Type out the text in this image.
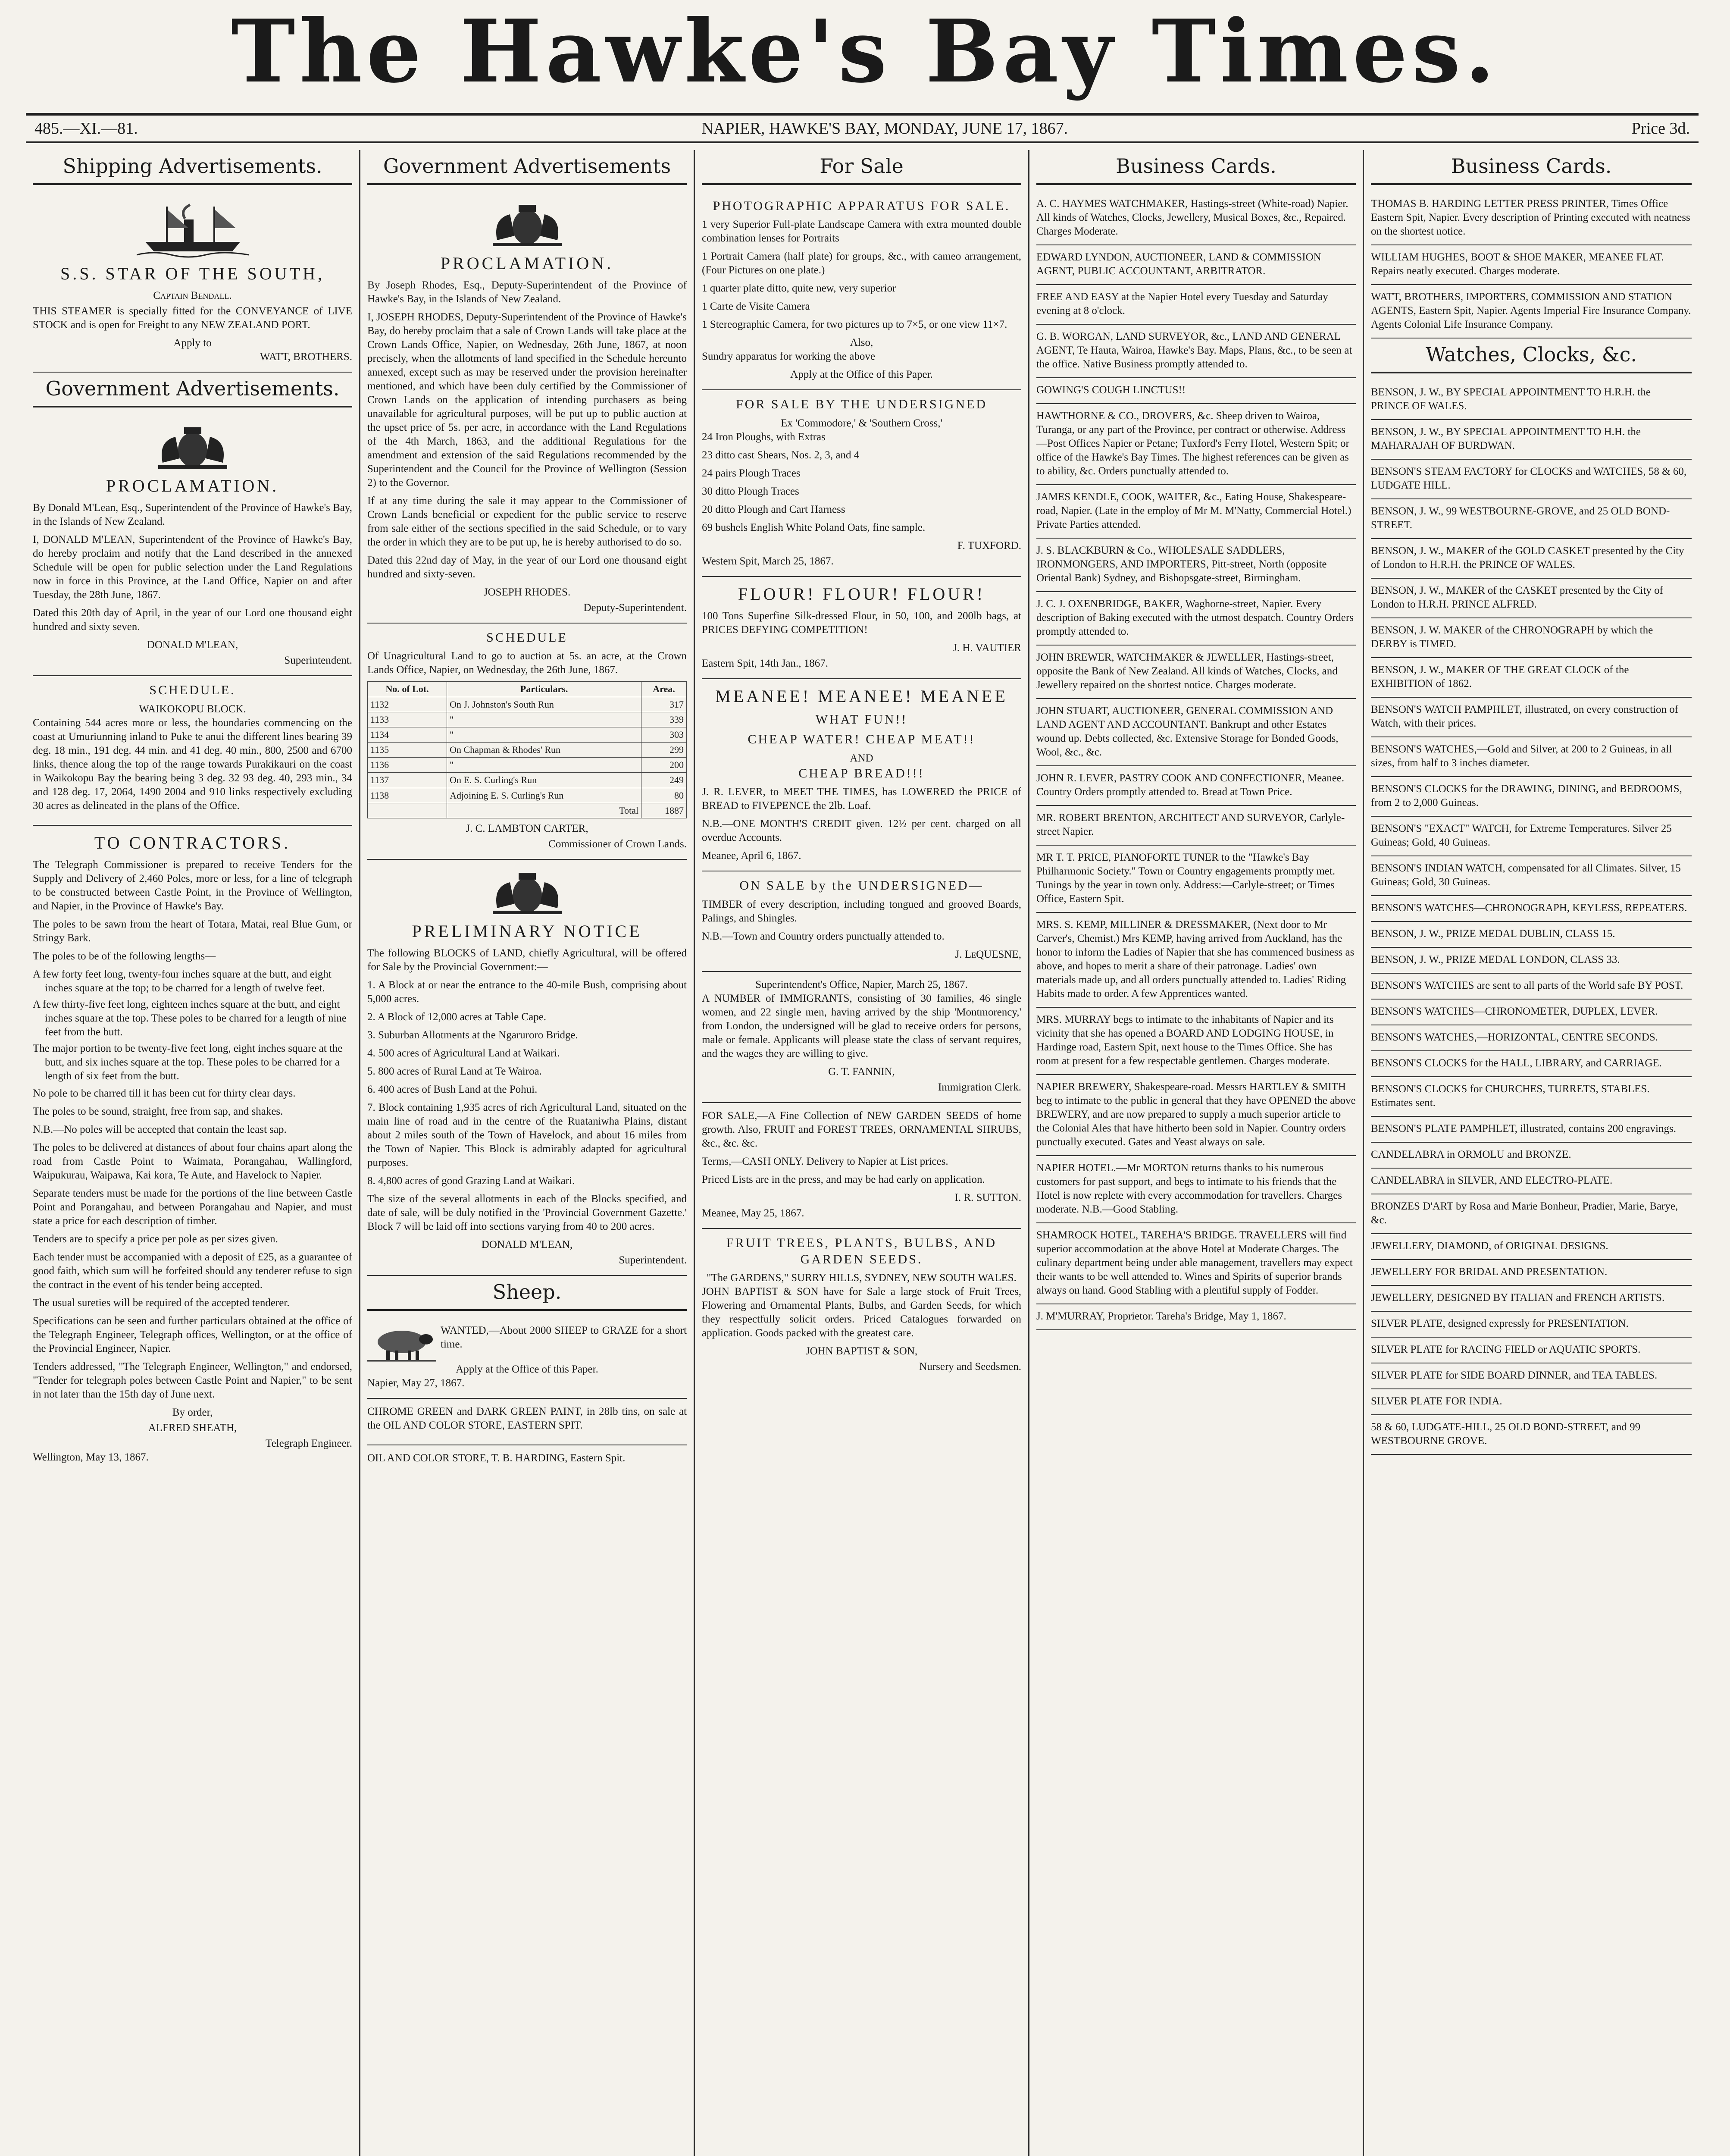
The Hawke's Bay Times.
485.—XI.—81.	NAPIER, HAWKE'S BAY, MONDAY, JUNE 17, 1867.	Price 3d.
Shipping Advertisements.
S.S. STAR OF THE SOUTH,
Captain Bendall.

THIS STEAMER is specially fitted for the CONVEYANCE of LIVE STOCK and is open for Freight to any NEW ZEALAND PORT.

Apply to
WATT, BROTHERS.
Government Advertisements.
PROCLAMATION.

By Donald M'Lean, Esq., Superintendent of the Province of Hawke's Bay, in the Islands of New Zealand.

I, DONALD M'LEAN, Superintendent of the Province of Hawke's Bay, do hereby proclaim and notify that the Land described in the annexed Schedule will be open for public selection under the Land Regulations now in force in this Province, at the Land Office, Napier on and after Tuesday, the 28th June, 1867.

Dated this 20th day of April, in the year of our Lord one thousand eight hundred and sixty seven.

DONALD M'LEAN,
Superintendent.
SCHEDULE.
WAIKOKOPU BLOCK.

Containing 544 acres more or less, the boundaries commencing on the coast at Umuriunning inland to Puke te anui the different lines bearing 39 deg. 18 min., 191 deg. 44 min. and 41 deg. 40 min., 800, 2500 and 6700 links, thence along the top of the range towards Purakikauri on the coast in Waikokopu Bay the bearing being 3 deg. 32 93 deg. 40, 293 min., 34 and 128 deg. 17, 2064, 1490 2004 and 910 links respectively excluding 30 acres as delineated in the plans of the Office.

TO CONTRACTORS.

The Telegraph Commissioner is prepared to receive Tenders for the Supply and Delivery of 2,460 Poles, more or less, for a line of telegraph to be constructed between Castle Point, in the Province of Wellington, and Napier, in the Province of Hawke's Bay.

The poles to be sawn from the heart of Totara, Matai, real Blue Gum, or Stringy Bark.

The poles to be of the following lengths—

A few forty feet long, twenty-four inches square at the butt, and eight inches square at the top; to be charred for a length of twelve feet.
A few thirty-five feet long, eighteen inches square at the butt, and eight inches square at the top. These poles to be charred for a length of nine feet from the butt.
The major portion to be twenty-five feet long, eight inches square at the butt, and six inches square at the top. These poles to be charred for a length of six feet from the butt.

No pole to be charred till it has been cut for thirty clear days.

The poles to be sound, straight, free from sap, and shakes.

N.B.—No poles will be accepted that contain the least sap.

The poles to be delivered at distances of about four chains apart along the road from Castle Point to Waimata, Porangahau, Wallingford, Waipukurau, Waipawa, Kai kora, Te Aute, and Havelock to Napier.

Separate tenders must be made for the portions of the line between Castle Point and Porangahau, and between Porangahau and Napier, and must state a price for each description of timber.

Tenders are to specify a price per pole as per sizes given.

Each tender must be accompanied with a deposit of £25, as a guarantee of good faith, which sum will be forfeited should any tenderer refuse to sign the contract in the event of his tender being accepted.

The usual sureties will be required of the accepted tenderer.

Specifications can be seen and further particulars obtained at the office of the Telegraph Engineer, Telegraph offices, Wellington, or at the office of the Provincial Engineer, Napier.

Tenders addressed, "The Telegraph Engineer, Wellington," and endorsed, "Tender for telegraph poles between Castle Point and Napier," to be sent in not later than the 15th day of June next.

By order,
ALFRED SHEATH,
Telegraph Engineer.
Wellington, May 13, 1867.
Government Advertisements
PROCLAMATION.

By Joseph Rhodes, Esq., Deputy-Superintendent of the Province of Hawke's Bay, in the Islands of New Zealand.

I, JOSEPH RHODES, Deputy-Superintendent of the Province of Hawke's Bay, do hereby proclaim that a sale of Crown Lands will take place at the Crown Lands Office, Napier, on Wednesday, 26th June, 1867, at noon precisely, when the allotments of land specified in the Schedule hereunto annexed, except such as may be reserved under the provision hereinafter mentioned, and which have been duly certified by the Commissioner of Crown Lands on the application of intending purchasers as being unavailable for agricultural purposes, will be put up to public auction at the upset price of 5s. per acre, in accordance with the Land Regulations of the 4th March, 1863, and the additional Regulations for the amendment and extension of the said Regulations recommended by the Superintendent and the Council for the Province of Wellington (Session 2) to the Governor.

If at any time during the sale it may appear to the Commissioner of Crown Lands beneficial or expedient for the public service to reserve from sale either of the sections specified in the said Schedule, or to vary the order in which they are to be put up, he is hereby authorised to do so.

Dated this 22nd day of May, in the year of our Lord one thousand eight hundred and sixty-seven.

JOSEPH RHODES.
Deputy-Superintendent.
SCHEDULE

Of Unagricultural Land to go to auction at 5s. an acre, at the Crown Lands Office, Napier, on Wednesday, the 26th June, 1867.

No. of Lot.	Particulars.	Area.
1132	On J. Johnston's South Run	317
1133	"	339
1134	"	303
1135	On Chapman & Rhodes' Run	299
1136	"	200
1137	On E. S. Curling's Run	249
1138	Adjoining E. S. Curling's Run	80
	Total	1887
J. C. LAMBTON CARTER,
Commissioner of Crown Lands.
PRELIMINARY NOTICE

The following BLOCKS of LAND, chiefly Agricultural, will be offered for Sale by the Provincial Government:—

1. A Block at or near the entrance to the 40-mile Bush, comprising about 5,000 acres.

2. A Block of 12,000 acres at Table Cape.

3. Suburban Allotments at the Ngaruroro Bridge.

4. 500 acres of Agricultural Land at Waikari.

5. 800 acres of Rural Land at Te Wairoa.

6. 400 acres of Bush Land at the Pohui.

7. Block containing 1,935 acres of rich Agricultural Land, situated on the main line of road and in the centre of the Ruataniwha Plains, distant about 2 miles south of the Town of Havelock, and about 16 miles from the Town of Napier. This Block is admirably adapted for agricultural purposes.

8. 4,800 acres of good Grazing Land at Waikari.

The size of the several allotments in each of the Blocks specified, and date of sale, will be duly notified in the 'Provincial Government Gazette.' Block 7 will be laid off into sections varying from 40 to 200 acres.

DONALD M'LEAN,
Superintendent.
Sheep.

WANTED,—About 2000 SHEEP to GRAZE for a short time.

Apply at the Office of this Paper.
Napier, May 27, 1867.

CHROME GREEN and DARK GREEN PAINT, in 28lb tins, on sale at the OIL AND COLOR STORE, EASTERN SPIT.

OIL AND COLOR STORE, T. B. HARDING, Eastern Spit.

For Sale
PHOTOGRAPHIC APPARATUS FOR SALE.

1 very Superior Full-plate Landscape Camera with extra mounted double combination lenses for Portraits

1 Portrait Camera (half plate) for groups, &c., with cameo arrangement, (Four Pictures on one plate.)

1 quarter plate ditto, quite new, very superior

1 Carte de Visite Camera

1 Stereographic Camera, for two pictures up to 7×5, or one view 11×7.

Also,

Sundry apparatus for working the above

Apply at the Office of this Paper.
FOR SALE BY THE UNDERSIGNED
Ex 'Commodore,' & 'Southern Cross,'

24 Iron Ploughs, with Extras

23 ditto cast Shears, Nos. 2, 3, and 4

24 pairs Plough Traces

30 ditto Plough Traces

20 ditto Plough and Cart Harness

69 bushels English White Poland Oats, fine sample.

F. TUXFORD.
Western Spit, March 25, 1867.
FLOUR! FLOUR! FLOUR!

100 Tons Superfine Silk-dressed Flour, in 50, 100, and 200lb bags, at PRICES DEFYING COMPETITION!

J. H. VAUTIER
Eastern Spit, 14th Jan., 1867.
MEANEE! MEANEE! MEANEE
WHAT FUN!!
CHEAP WATER! CHEAP MEAT!!
AND
CHEAP BREAD!!!

J. R. LEVER, to MEET THE TIMES, has LOWERED the PRICE of BREAD to FIVEPENCE the 2lb. Loaf.

N.B.—ONE MONTH'S CREDIT given. 12½ per cent. charged on all overdue Accounts.

Meanee, April 6, 1867.
ON SALE by the UNDERSIGNED—

TIMBER of every description, including tongued and grooved Boards, Palings, and Shingles.

N.B.—Town and Country orders punctually attended to.

J. LeQUESNE,
Superintendent's Office, Napier, March 25, 1867.

A NUMBER of IMMIGRANTS, consisting of 30 families, 46 single women, and 22 single men, having arrived by the ship 'Montmorency,' from London, the undersigned will be glad to receive orders for persons, male or female. Applicants will please state the class of servant requires, and the wages they are willing to give.

G. T. FANNIN,
Immigration Clerk.

FOR SALE,—A Fine Collection of NEW GARDEN SEEDS of home growth. Also, FRUIT and FOREST TREES, ORNAMENTAL SHRUBS, &c., &c. &c.

Terms,—CASH ONLY. Delivery to Napier at List prices.

Priced Lists are in the press, and may be had early on application.

I. R. SUTTON.
Meanee, May 25, 1867.
FRUIT TREES, PLANTS, BULBS, AND GARDEN SEEDS.
"The GARDENS," SURRY HILLS, SYDNEY, NEW SOUTH WALES.

JOHN BAPTIST & SON have for Sale a large stock of Fruit Trees, Flowering and Ornamental Plants, Bulbs, and Garden Seeds, for which they respectfully solicit orders. Priced Catalogues forwarded on application. Goods packed with the greatest care.

JOHN BAPTIST & SON,
Nursery and Seedsmen.
Business Cards.
A. C. HAYMES WATCHMAKER, Hastings-street (White-road) Napier. All kinds of Watches, Clocks, Jewellery, Musical Boxes, &c., Repaired. Charges Moderate.
EDWARD LYNDON, AUCTIONEER, LAND & COMMISSION AGENT, PUBLIC ACCOUNTANT, ARBITRATOR.
FREE AND EASY at the Napier Hotel every Tuesday and Saturday evening at 8 o'clock.
G. B. WORGAN, LAND SURVEYOR, &c., LAND AND GENERAL AGENT, Te Hauta, Wairoa, Hawke's Bay. Maps, Plans, &c., to be seen at the office. Native Business promptly attended to.
GOWING'S COUGH LINCTUS!!
HAWTHORNE & CO., DROVERS, &c. Sheep driven to Wairoa, Turanga, or any part of the Province, per contract or otherwise. Address—Post Offices Napier or Petane; Tuxford's Ferry Hotel, Western Spit; or office of the Hawke's Bay Times. The highest references can be given as to ability, &c. Orders punctually attended to.
JAMES KENDLE, COOK, WAITER, &c., Eating House, Shakespeare-road, Napier. (Late in the employ of Mr M. M'Natty, Commercial Hotel.) Private Parties attended.
J. S. BLACKBURN & Co., WHOLESALE SADDLERS, IRONMONGERS, AND IMPORTERS, Pitt-street, North (opposite Oriental Bank) Sydney, and Bishopsgate-street, Birmingham.
J. C. J. OXENBRIDGE, BAKER, Waghorne-street, Napier. Every description of Baking executed with the utmost despatch. Country Orders promptly attended to.
JOHN BREWER, WATCHMAKER & JEWELLER, Hastings-street, opposite the Bank of New Zealand. All kinds of Watches, Clocks, and Jewellery repaired on the shortest notice. Charges moderate.
JOHN STUART, AUCTIONEER, GENERAL COMMISSION AND LAND AGENT AND ACCOUNTANT. Bankrupt and other Estates wound up. Debts collected, &c. Extensive Storage for Bonded Goods, Wool, &c., &c.
JOHN R. LEVER, PASTRY COOK AND CONFECTIONER, Meanee. Country Orders promptly attended to. Bread at Town Price.
MR. ROBERT BRENTON, ARCHITECT AND SURVEYOR, Carlyle-street Napier.
MR T. T. PRICE, PIANOFORTE TUNER to the "Hawke's Bay Philharmonic Society." Town or Country engagements promptly met. Tunings by the year in town only. Address:—Carlyle-street; or Times Office, Eastern Spit.
MRS. S. KEMP, MILLINER & DRESSMAKER, (Next door to Mr Carver's, Chemist.) Mrs KEMP, having arrived from Auckland, has the honor to inform the Ladies of Napier that she has commenced business as above, and hopes to merit a share of their patronage. Ladies' own materials made up, and all orders punctually attended to. Ladies' Riding Habits made to order. A few Apprentices wanted.
MRS. MURRAY begs to intimate to the inhabitants of Napier and its vicinity that she has opened a BOARD AND LODGING HOUSE, in Hardinge road, Eastern Spit, next house to the Times Office. She has room at present for a few respectable gentlemen. Charges moderate.
NAPIER BREWERY, Shakespeare-road. Messrs HARTLEY & SMITH beg to intimate to the public in general that they have OPENED the above BREWERY, and are now prepared to supply a much superior article to the Colonial Ales that have hitherto been sold in Napier. Country orders punctually executed. Gates and Yeast always on sale.
NAPIER HOTEL.—Mr MORTON returns thanks to his numerous customers for past support, and begs to intimate to his friends that the Hotel is now replete with every accommodation for travellers. Charges moderate. N.B.—Good Stabling.
SHAMROCK HOTEL, TAREHA'S BRIDGE. TRAVELLERS will find superior accommodation at the above Hotel at Moderate Charges. The culinary department being under able management, travellers may expect their wants to be well attended to. Wines and Spirits of superior brands always on hand. Good Stabling with a plentiful supply of Fodder.
J. M'MURRAY, Proprietor. Tareha's Bridge, May 1, 1867.
Business Cards.
THOMAS B. HARDING LETTER PRESS PRINTER, Times Office Eastern Spit, Napier. Every description of Printing executed with neatness on the shortest notice.
WILLIAM HUGHES, BOOT & SHOE MAKER, MEANEE FLAT. Repairs neatly executed. Charges moderate.
WATT, BROTHERS, IMPORTERS, COMMISSION AND STATION AGENTS, Eastern Spit, Napier. Agents Imperial Fire Insurance Company. Agents Colonial Life Insurance Company.
Watches, Clocks, &c.
BENSON, J. W., BY SPECIAL APPOINTMENT TO H.R.H. the PRINCE OF WALES.
BENSON, J. W., BY SPECIAL APPOINTMENT TO H.H. the MAHARAJAH OF BURDWAN.
BENSON'S STEAM FACTORY for CLOCKS and WATCHES, 58 & 60, LUDGATE HILL.
BENSON, J. W., 99 WESTBOURNE-GROVE, and 25 OLD BOND-STREET.
BENSON, J. W., MAKER of the GOLD CASKET presented by the City of London to H.R.H. the PRINCE OF WALES.
BENSON, J. W., MAKER of the CASKET presented by the City of London to H.R.H. PRINCE ALFRED.
BENSON, J. W. MAKER of the CHRONOGRAPH by which the DERBY is TIMED.
BENSON, J. W., MAKER OF THE GREAT CLOCK of the EXHIBITION of 1862.
BENSON'S WATCH PAMPHLET, illustrated, on every construction of Watch, with their prices.
BENSON'S WATCHES,—Gold and Silver, at 200 to 2 Guineas, in all sizes, from half to 3 inches diameter.
BENSON'S CLOCKS for the DRAWING, DINING, and BEDROOMS, from 2 to 2,000 Guineas.
BENSON'S "EXACT" WATCH, for Extreme Temperatures. Silver 25 Guineas; Gold, 40 Guineas.
BENSON'S INDIAN WATCH, compensated for all Climates. Silver, 15 Guineas; Gold, 30 Guineas.
BENSON'S WATCHES—CHRONOGRAPH, KEYLESS, REPEATERS.
BENSON, J. W., PRIZE MEDAL DUBLIN, CLASS 15.
BENSON, J. W., PRIZE MEDAL LONDON, CLASS 33.
BENSON'S WATCHES are sent to all parts of the World safe BY POST.
BENSON'S WATCHES—CHRONOMETER, DUPLEX, LEVER.
BENSON'S WATCHES,—HORIZONTAL, CENTRE SECONDS.
BENSON'S CLOCKS for the HALL, LIBRARY, and CARRIAGE.
BENSON'S CLOCKS for CHURCHES, TURRETS, STABLES. Estimates sent.
BENSON'S PLATE PAMPHLET, illustrated, contains 200 engravings.
CANDELABRA in ORMOLU and BRONZE.
CANDELABRA in SILVER, AND ELECTRO-PLATE.
BRONZES D'ART by Rosa and Marie Bonheur, Pradier, Marie, Barye, &c.
JEWELLERY, DIAMOND, of ORIGINAL DESIGNS.
JEWELLERY FOR BRIDAL AND PRESENTATION.
JEWELLERY, DESIGNED BY ITALIAN and FRENCH ARTISTS.
SILVER PLATE, designed expressly for PRESENTATION.
SILVER PLATE for RACING FIELD or AQUATIC SPORTS.
SILVER PLATE for SIDE BOARD DINNER, and TEA TABLES.
SILVER PLATE FOR INDIA.
58 & 60, LUDGATE-HILL, 25 OLD BOND-STREET, and 99 WESTBOURNE GROVE.
